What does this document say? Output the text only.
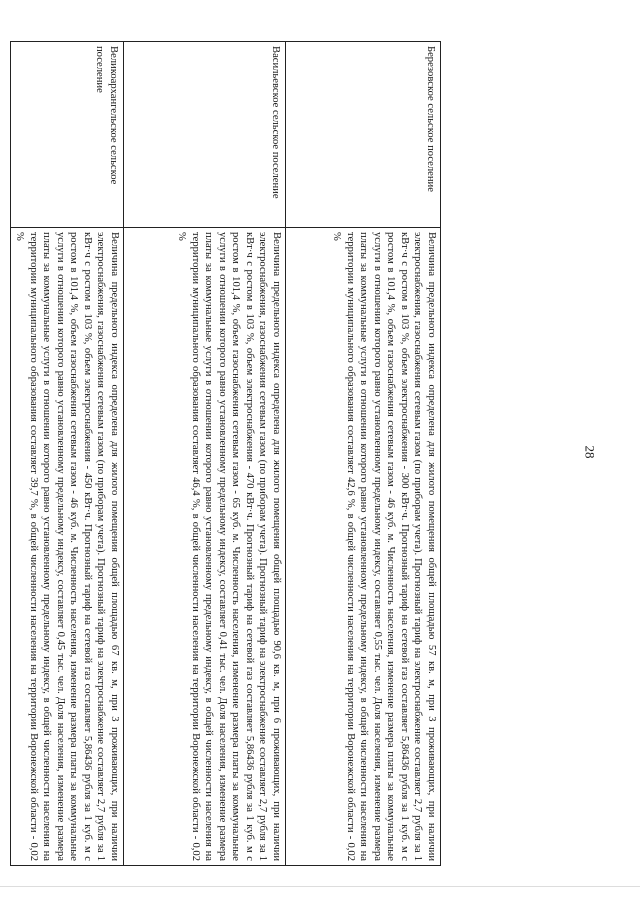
28
Березовское сельское поселение	Величина предельного индекса определена для жилого помещения общей площадью 57 кв. м, при 3 проживающих, при наличии электроснабжения, газоснабжения сетевым газом (по приборам учета). Прогнозный тариф на электроснабжение составляет 2,7 рубля за 1 кВт·ч с ростом в 103 %, объем электроснабжения - 300 кВт·ч. Прогнозный тариф на сетевой газ составляет 5,86436 рубля за 1 куб. м с ростом в 101,4 %, объем газоснабжения сетевым газом - 46 куб. м. Численность населения, изменение размера платы за коммунальные услуги в отношении которого равно установленному предельному индексу, составляет 0,55 тыс. чел. Доля населения, изменение размера платы за коммунальные услуги в отношении которого равно установленному предельному индексу, в общей численности населения на территории муниципального образования составляет 42,6 %, в общей численности населения на территории Воронежской области - 0,02 %
Васильевское сельское поселение	Величина предельного индекса определена для жилого помещения общей площадью 90,6 кв. м, при 6 проживающих, при наличии электроснабжения, газоснабжения сетевым газом (по приборам учета). Прогнозный тариф на электроснабжение составляет 2,7 рубля за 1 кВт·ч с ростом в 103 %, объем электроснабжения - 470 кВт·ч. Прогнозный тариф на сетевой газ составляет 5,86436 рубля за 1 куб. м с ростом в 101,4 %, объем газоснабжения сетевым газом - 65 куб. м. Численность населения, изменение размера платы за коммунальные услуги в отношении которого равно установленному предельному индексу, составляет 0,41 тыс. чел. Доля населения, изменение размера платы за коммунальные услуги в отношении которого равно установленному предельному индексу, в общей численности населения на территории муниципального образования составляет 46,4 %, в общей численности населения на территории Воронежской области - 0,02 %
Великоархангельское сельское поселение	Величина предельного индекса определена для жилого помещения общей площадью 67 кв. м, при 3 проживающих, при наличии электроснабжения, газоснабжения сетевым газом (по приборам учета). Прогнозный тариф на электроснабжение составляет 2,7 рубля за 1 кВт·ч с ростом в 103 %, объем электроснабжения - 450 кВт·ч. Прогнозный тариф на сетевой газ составляет 5,86436 рубля за 1 куб. м с ростом в 101,4 %, объем газоснабжения сетевым газом - 46 куб. м. Численность населения, изменение размера платы за коммунальные услуги в отношении которого равно установленному предельному индексу, составляет 0,45 тыс. чел. Доля населения, изменение размера платы за коммунальные услуги в отношении которого равно установленному предельному индексу, в общей численности населения на территории муниципального образования составляет 39,7 %, в общей численности населения на территории Воронежской области - 0,02 %
